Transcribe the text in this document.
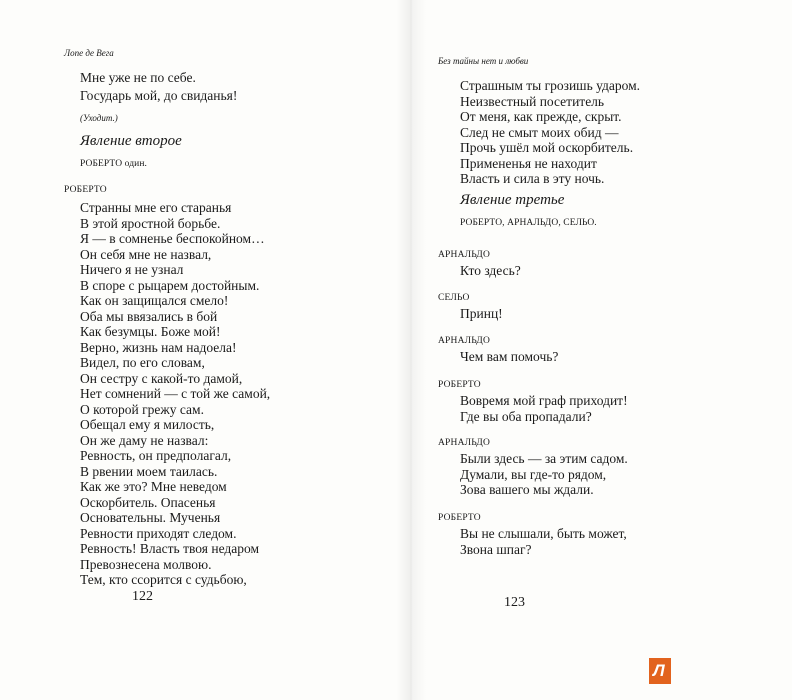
Лопе де Вега
Мне уже не по себе.
Государь мой, до свиданья!
(Уходит.)
Явление второе
РОБЕРТО один.
РОБЕРТО
Странны мне его старанья
В этой яростной борьбе.
Я — в сомненье беспокойном…
Он себя мне не назвал,
Ничего я не узнал
В споре с рыцарем достойным.
Как он защищался смело!
Оба мы ввязались в бой
Как безумцы. Боже мой!
Верно, жизнь нам надоела!
Видел, по его словам,
Он сестру с какой-то дамой,
Нет сомнений — с той же самой,
О которой грежу сам.
Обещал ему я милость,
Он же даму не назвал:
Ревность, он предполагал,
В рвении моем таилась.
Как же это? Мне неведом
Оскорбитель. Опасенья
Основательны. Мученья
Ревности приходят следом.
Ревность! Власть твоя недаром
Превознесена молвою.
Тем, кто ссорится с судьбою,
122
Без тайны нет и любви
Страшным ты грозишь ударом.
Неизвестный посетитель
От меня, как прежде, скрыт.
След не смыт моих обид —
Прочь ушёл мой оскорбитель.
Примененья не находит
Власть и сила в эту ночь.
Явление третье
РОБЕРТО, АРНАЛЬДО, СЕЛЬО.
АРНАЛЬДО
Кто здесь?
СЕЛЬО
Принц!
АРНАЛЬДО
Чем вам помочь?
РОБЕРТО
Вовремя мой граф приходит!
Где вы оба пропадали?
АРНАЛЬДО
Были здесь — за этим садом.
Думали, вы где-то рядом,
Зова вашего мы ждали.
РОБЕРТО
Вы не слышали, быть может,
Звона шпаг?
123
Л
